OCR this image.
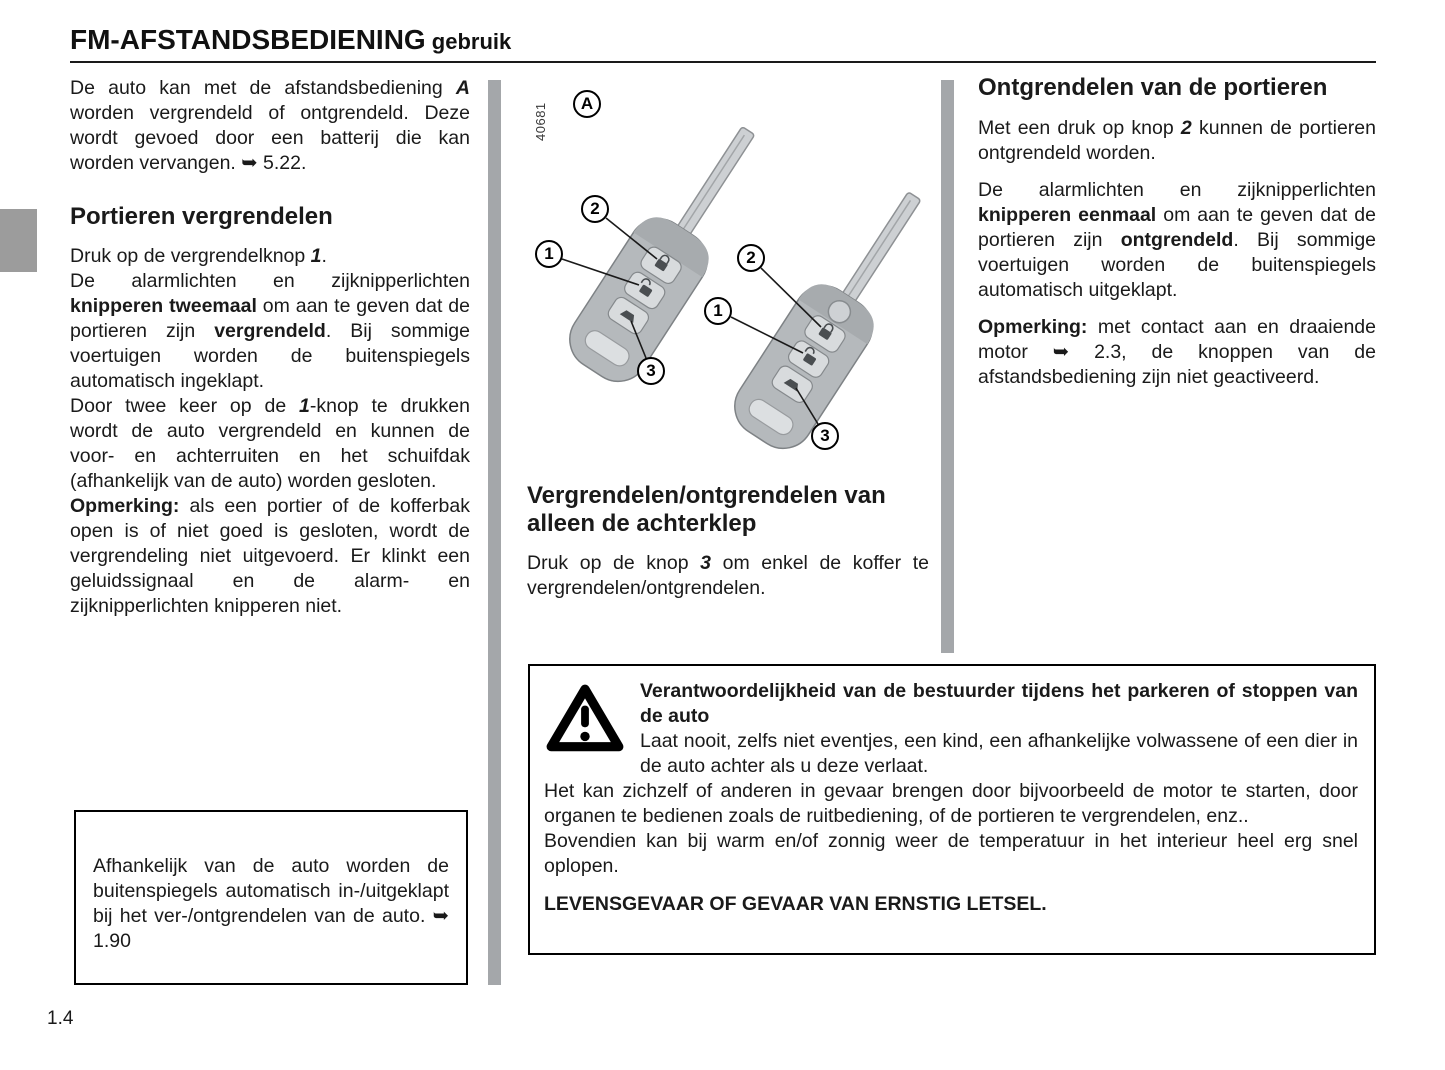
FM-AFSTANDSBEDIENING gebruik

De auto kan met de afstandsbediening A worden vergrendeld of ontgrendeld. Deze wordt gevoed door een batterij die kan worden vervangen. ➥ 5.22.

Portieren vergrendelen

Druk op de vergrendelknop 1.

De alarmlichten en zijknipperlichten knipperen tweemaal om aan te geven dat de portieren zijn vergrendeld. Bij sommige voertuigen worden de buitenspiegels automatisch ingeklapt.

Door twee keer op de 1-knop te drukken wordt de auto vergrendeld en kunnen de voor- en achterruiten en het schuifdak (afhankelijk van de auto) worden gesloten.

Opmerking: als een portier of de kofferbak open is of niet goed is gesloten, wordt de vergrendeling niet uitgevoerd. Er klinkt een geluidssignaal en de alarm- en zijknipperlichten knipperen niet.

Afhankelijk van de auto worden de buitenspiegels automatisch in-/uitgeklapt bij het ver-/ontgrendelen van de auto. ➥ 1.90

40681	A
2
1
3
2
1
3
Vergrendelen/ontgrendelen van alleen de achterklep

Druk op de knop 3 om enkel de koffer te vergrendelen/ontgrendelen.

Ontgrendelen van de portieren

Met een druk op knop 2 kunnen de portieren ontgrendeld worden.

De alarmlichten en zijknipperlichten knipperen eenmaal om aan te geven dat de portieren zijn ontgrendeld. Bij sommige voertuigen worden de buitenspiegels automatisch uitgeklapt.

Opmerking: met contact aan en draaiende motor ➥ 2.3, de knoppen van de afstandsbediening zijn niet geactiveerd.

Verantwoordelijkheid van de bestuurder tijdens het parkeren of stoppen van de auto

Laat nooit, zelfs niet eventjes, een kind, een afhankelijke volwassene of een dier in de auto achter als u deze verlaat.

Het kan zichzelf of anderen in gevaar brengen door bijvoorbeeld de motor te starten, door organen te bedienen zoals de ruitbediening, of de portieren te vergrendelen, enz..

Bovendien kan bij warm en/of zonnig weer de temperatuur in het interieur heel erg snel oplopen.

LEVENSGEVAAR OF GEVAAR VAN ERNSTIG LETSEL.

1.4
